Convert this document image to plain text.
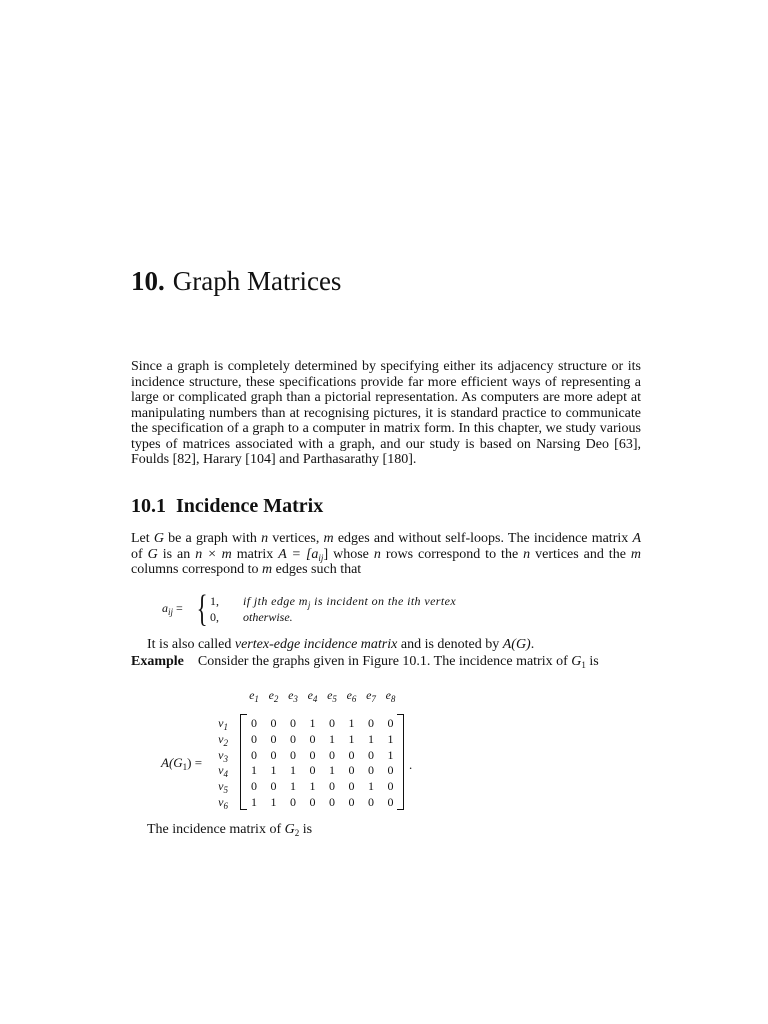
10. Graph Matrices
Since a graph is completely determined by specifying either its adjacency structure or its incidence structure, these specifications provide far more efficient ways of representing a large or complicated graph than a pictorial representation. As computers are more adept at manipulating numbers than at recognising pictures, it is standard practice to communicate the specification of a graph to a computer in matrix form. In this chapter, we study various types of matrices associated with a graph, and our study is based on Narsing Deo [63], Foulds [82], Harary [104] and Parthasarathy [180].
10.1 Incidence Matrix
Let G be a graph with n vertices, m edges and without self-loops. The incidence matrix A of G is an n × m matrix $A = [a_{ij}]$ whose n rows correspond to the n vertices and the m columns correspond to m edges such that
$a_{ij}$ = { 1, if jth edge $m_j$ is incident on the ith vertex
0, otherwise.
It is also called vertex-edge incidence matrix and is denoted by A(G).
Example Consider the graphs given in Figure 10.1. The incidence matrix of $G_1$ is
$A(G_1)$ =
$e_1$ $e_2$ $e_3$ $e_4$ $e_5$ $e_6$ $e_7$ $e_8$
$v_1$	0	0	0	1	0	1	0	0
$v_2$	0	0	0	0	1	1	1	1
$v_3$	0	0	0	0	0	0	0	1
$v_4$	1	1	1	0	1	0	0	0
$v_5$	0	0	1	1	0	0	1	0
$v_6$	1	1	0	0	0	0	0	0
.
The incidence matrix of $G_2$ is
